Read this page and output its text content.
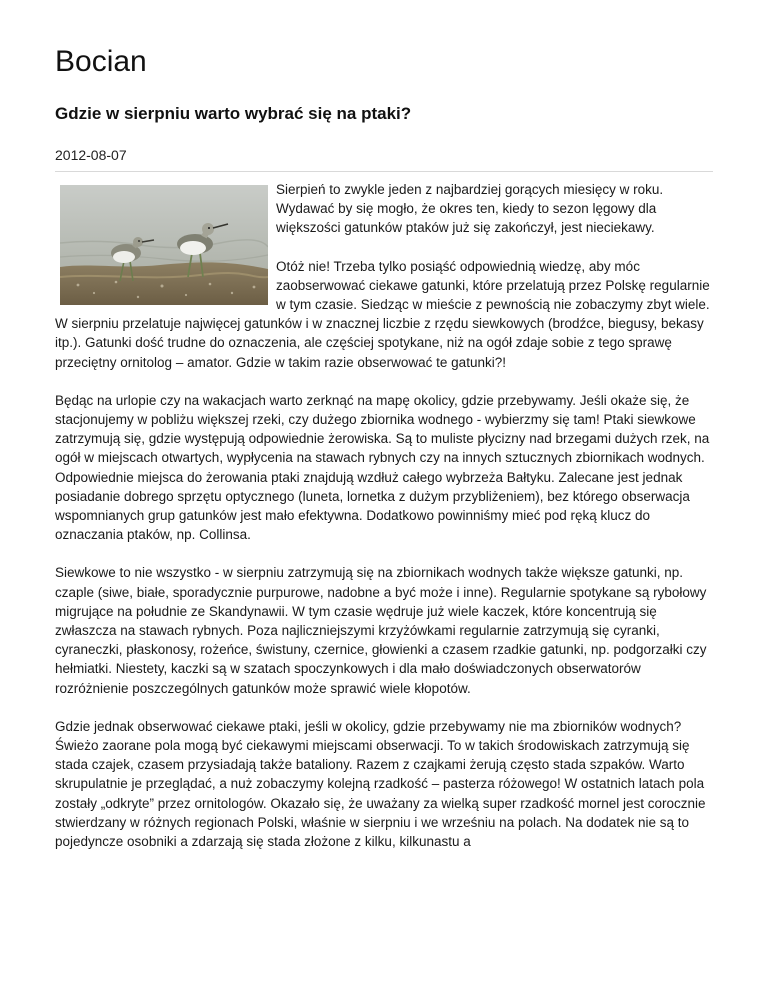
Bocian
Gdzie w sierpniu warto wybrać się na ptaki?
2012-08-07

Sierpień to zwykle jeden z najbardziej gorących miesięcy w roku. Wydawać by się mogło, że okres ten, kiedy to sezon lęgowy dla większości gatunków ptaków już się zakończył, jest nieciekawy.

Otóż nie! Trzeba tylko posiąść odpowiednią wiedzę, aby móc zaobserwować ciekawe gatunki, które przelatują przez Polskę regularnie w tym czasie. Siedząc w mieście z pewnością nie zobaczymy zbyt wiele. W sierpniu przelatuje najwięcej gatunków i w znacznej liczbie z rzędu siewkowych (brodźce, biegusy, bekasy itp.). Gatunki dość trudne do oznaczenia, ale częściej spotykane, niż na ogół zdaje sobie z tego sprawę przeciętny ornitolog – amator. Gdzie w takim razie obserwować te gatunki?!

Będąc na urlopie czy na wakacjach warto zerknąć na mapę okolicy, gdzie przebywamy. Jeśli okaże się, że stacjonujemy w pobliżu większej rzeki, czy dużego zbiornika wodnego - wybierzmy się tam! Ptaki siewkowe zatrzymują się, gdzie występują odpowiednie żerowiska. Są to muliste płycizny nad brzegami dużych rzek, na ogół w miejscach otwartych, wypłycenia na stawach rybnych czy na innych sztucznych zbiornikach wodnych. Odpowiednie miejsca do żerowania ptaki znajdują wzdłuż całego wybrzeża Bałtyku. Zalecane jest jednak posiadanie dobrego sprzętu optycznego (luneta, lornetka z dużym przybliżeniem), bez którego obserwacja wspomnianych grup gatunków jest mało efektywna. Dodatkowo powinniśmy mieć pod ręką klucz do oznaczania ptaków, np. Collinsa.

Siewkowe to nie wszystko - w sierpniu zatrzymują się na zbiornikach wodnych także większe gatunki, np. czaple (siwe, białe, sporadycznie purpurowe, nadobne a być może i inne). Regularnie spotykane są rybołowy migrujące na południe ze Skandynawii. W tym czasie wędruje już wiele kaczek, które koncentrują się zwłaszcza na stawach rybnych. Poza najliczniejszymi krzyżówkami regularnie zatrzymują się cyranki, cyraneczki, płaskonosy, rożeńce, świstuny, czernice, głowienki a czasem rzadkie gatunki, np. podgorzałki czy hełmiatki. Niestety, kaczki są w szatach spoczynkowych i dla mało doświadczonych obserwatorów rozróżnienie poszczególnych gatunków może sprawić wiele kłopotów.

Gdzie jednak obserwować ciekawe ptaki, jeśli w okolicy, gdzie przebywamy nie ma zbiorników wodnych? Świeżo zaorane pola mogą być ciekawymi miejscami obserwacji. To w takich środowiskach zatrzymują się stada czajek, czasem przysiadają także bataliony. Razem z czajkami żerują często stada szpaków. Warto skrupulatnie je przeglądać, a nuż zobaczymy kolejną rzadkość – pasterza różowego! W ostatnich latach pola zostały „odkryte” przez ornitologów. Okazało się, że uważany za wielką super rzadkość mornel jest corocznie stwierdzany w różnych regionach Polski, właśnie w sierpniu i we wrześniu na polach. Na dodatek nie są to pojedyncze osobniki a zdarzają się stada złożone z kilku, kilkunastu a
